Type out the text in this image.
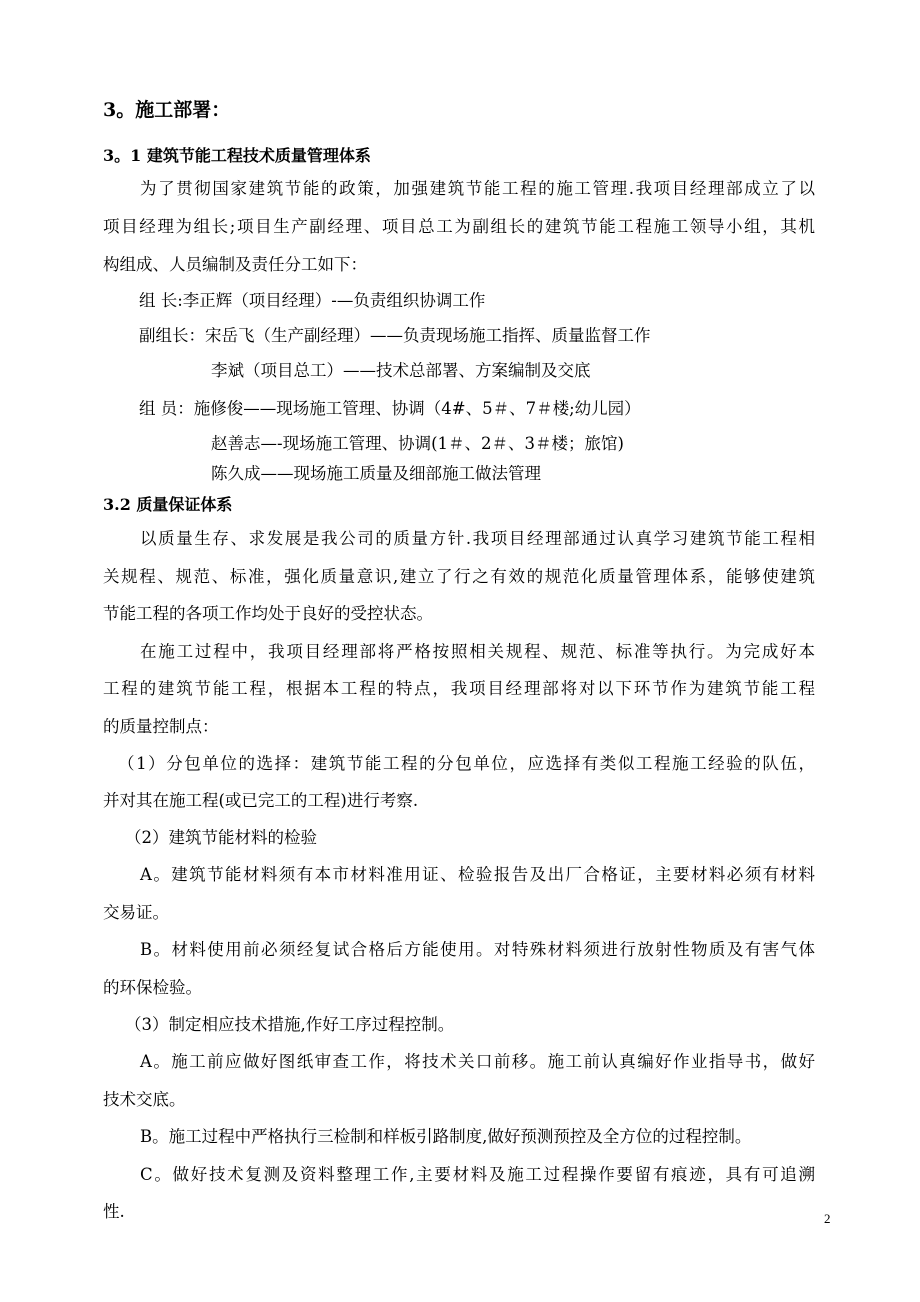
3。施工部署：
3。1 建筑节能工程技术质量管理体系
为了贯彻国家建筑节能的政策，加强建筑节能工程的施工管理.我项目经理部成立了以
项目经理为组长;项目生产副经理、项目总工为副组长的建筑节能工程施工领导小组，其机
构组成、人员编制及责任分工如下：
组 长:李正辉（项目经理）-—负责组织协调工作
副组长：宋岳飞（生产副经理）——负责现场施工指挥、质量监督工作
李斌（项目总工）——技术总部署、方案编制及交底
组 员：施修俊——现场施工管理、协调（4#、5＃、7＃楼;幼儿园）
赵善志—-现场施工管理、协调(1＃、2＃、3＃楼；旅馆)
陈久成——现场施工质量及细部施工做法管理
3.2 质量保证体系
以质量生存、求发展是我公司的质量方针.我项目经理部通过认真学习建筑节能工程相
关规程、规范、标准，强化质量意识,建立了行之有效的规范化质量管理体系，能够使建筑
节能工程的各项工作均处于良好的受控状态。
在施工过程中，我项目经理部将严格按照相关规程、规范、标准等执行。为完成好本
工程的建筑节能工程，根据本工程的特点，我项目经理部将对以下环节作为建筑节能工程
的质量控制点：
（1）分包单位的选择：建筑节能工程的分包单位，应选择有类似工程施工经验的队伍，
并对其在施工程(或已完工的工程)进行考察.
（2）建筑节能材料的检验
A。建筑节能材料须有本市材料准用证、检验报告及出厂合格证，主要材料必须有材料
交易证。
B。材料使用前必须经复试合格后方能使用。对特殊材料须进行放射性物质及有害气体
的环保检验。
（3）制定相应技术措施,作好工序过程控制。
A。施工前应做好图纸审查工作，将技术关口前移。施工前认真编好作业指导书，做好
技术交底。
B。施工过程中严格执行三检制和样板引路制度,做好预测预控及全方位的过程控制。
C。做好技术复测及资料整理工作,主要材料及施工过程操作要留有痕迹，具有可追溯
性.	2
